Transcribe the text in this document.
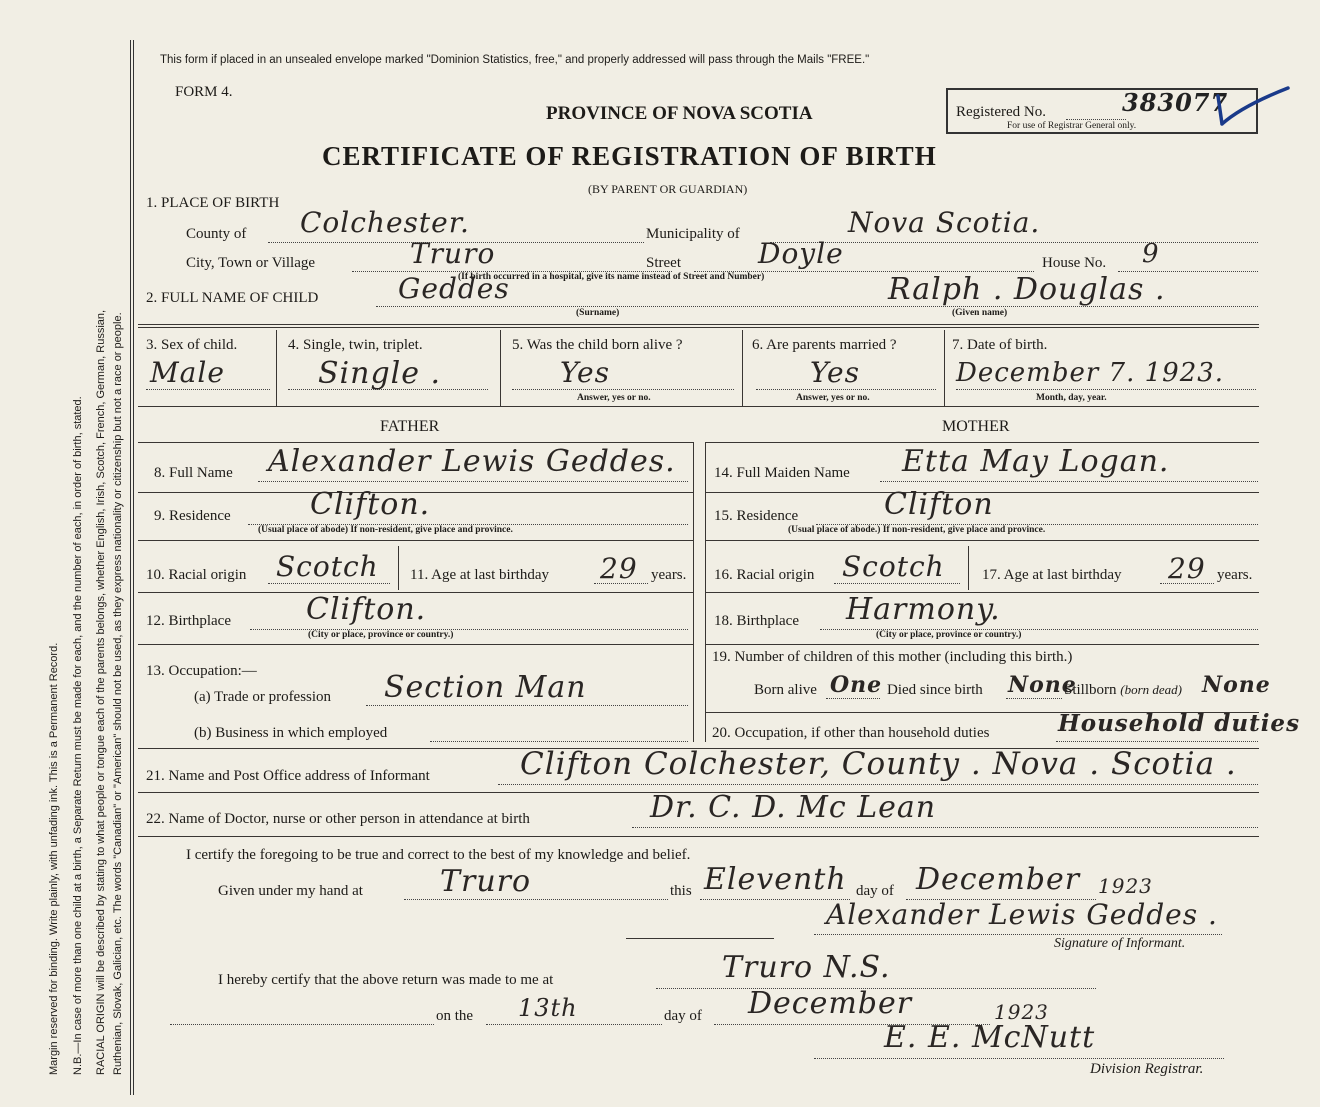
Margin reserved for binding. Write plainly, with unfading ink. This is a Permanent Record. N.B.—In case of more than one child at a birth, a Separate Return must be made for each, and the number of each, in order of birth, stated. RACIAL ORIGIN will be described by stating to what people or tongue each of the parents belongs, whether English, Irish, Scotch, French, German, Russian, Ruthenian, Slovak, Galician, etc. The words "Canadian" or "American" should not be used, as they express nationality or citizenship but not a race or people.
This form if placed in an unsealed envelope marked "Dominion Statistics, free," and properly addressed will pass through the Mails "FREE."
FORM 4.
PROVINCE OF NOVA SCOTIA
CERTIFICATE OF REGISTRATION OF BIRTH
(BY PARENT OR GUARDIAN)
Registered No.	383077
For use of Registrar General only.
1. PLACE OF BIRTH
County of Colchester.	Municipality of	Nova Scotia.
City, Town or Village	Truro
(If birth occurred in a hospital, give its name instead of Street and Number)
Street	Doyle	House No. 9
2. FULL NAME OF CHILD	Geddes
(Surname)
Ralph . Douglas .
(Given name)
3. Sex of child.
Male
4. Single, twin, triplet.
Single .
5. Was the child born alive ?
Yes
Answer, yes or no.
6. Are parents married ?
Yes
Answer, yes or no.
7. Date of birth.
December 7. 1923.
Month, day, year.
FATHER	MOTHER
8. Full Name Alexander Lewis Geddes.	14. Full Maiden Name Etta May Logan.
9. Residence	Clifton.
(Usual place of abode) If non-resident, give place and province.
15. Residence	Clifton
(Usual place of abode.) If non-resident, give place and province.
10. Racial origin Scotch 11. Age at last birthday 29 years. 16. Racial origin Scotch 17. Age at last birthday 29 years.
12. Birthplace	Clifton.
(City or place, province or country.)
18. Birthplace Harmony.
(City or place, province or country.)
13. Occupation:—
(a) Trade or profession Section Man
19. Number of children of this mother (including this birth.)
Born alive One Died since birth None
Stillborn (born dead) None
(b) Business in which employed	20. Occupation, if other than household duties	Household duties
21. Name and Post Office address of Informant	Clifton Colchester, County . Nova . Scotia .
22. Name of Doctor, nurse or other person in attendance at birth	Dr. C. D. Mc Lean
I certify the foregoing to be true and correct to the best of my knowledge and belief.
Given under my hand at	Truro	this Eleventh day of December 1923
Alexander Lewis Geddes .
Signature of Informant.
I hereby certify that the above return was made to me at	Truro N.S.
on the 13th	day of December	1923
E. E. McNutt
Division Registrar.
